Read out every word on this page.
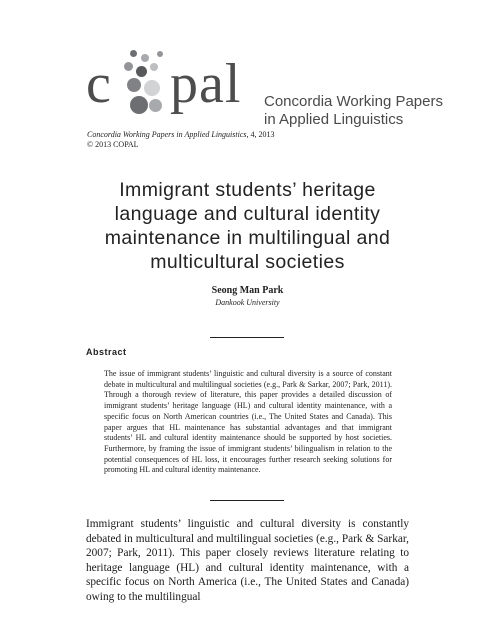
c pal Concordia Working Papers
in Applied Linguistics
Concordia Working Papers in Applied Linguistics, 4, 2013
© 2013 COPAL
Immigrant students’ heritage language and cultural identity maintenance in multilingual and multicultural societies
Seong Man Park
Dankook University
Abstract
The issue of immigrant students’ linguistic and cultural diversity is a source of constant debate in multicultural and multilingual societies (e.g., Park & Sarkar, 2007; Park, 2011). Through a thorough review of literature, this paper provides a detailed discussion of immigrant students’ heritage language (HL) and cultural identity maintenance, with a specific focus on North American countries (i.e., The United States and Canada). This paper argues that HL maintenance has substantial advantages and that immigrant students’ HL and cultural identity maintenance should be supported by host societies. Furthermore, by framing the issue of immigrant students’ bilingualism in relation to the potential consequences of HL loss, it encourages further research seeking solutions for promoting HL and cultural identity maintenance.
Immigrant students’ linguistic and cultural diversity is constantly debated in multicultural and multilingual societies (e.g., Park & Sarkar, 2007; Park, 2011). This paper closely reviews literature relating to heritage language (HL) and cultural identity maintenance, with a specific focus on North America (i.e., The United States and Canada) owing to the multilingual
